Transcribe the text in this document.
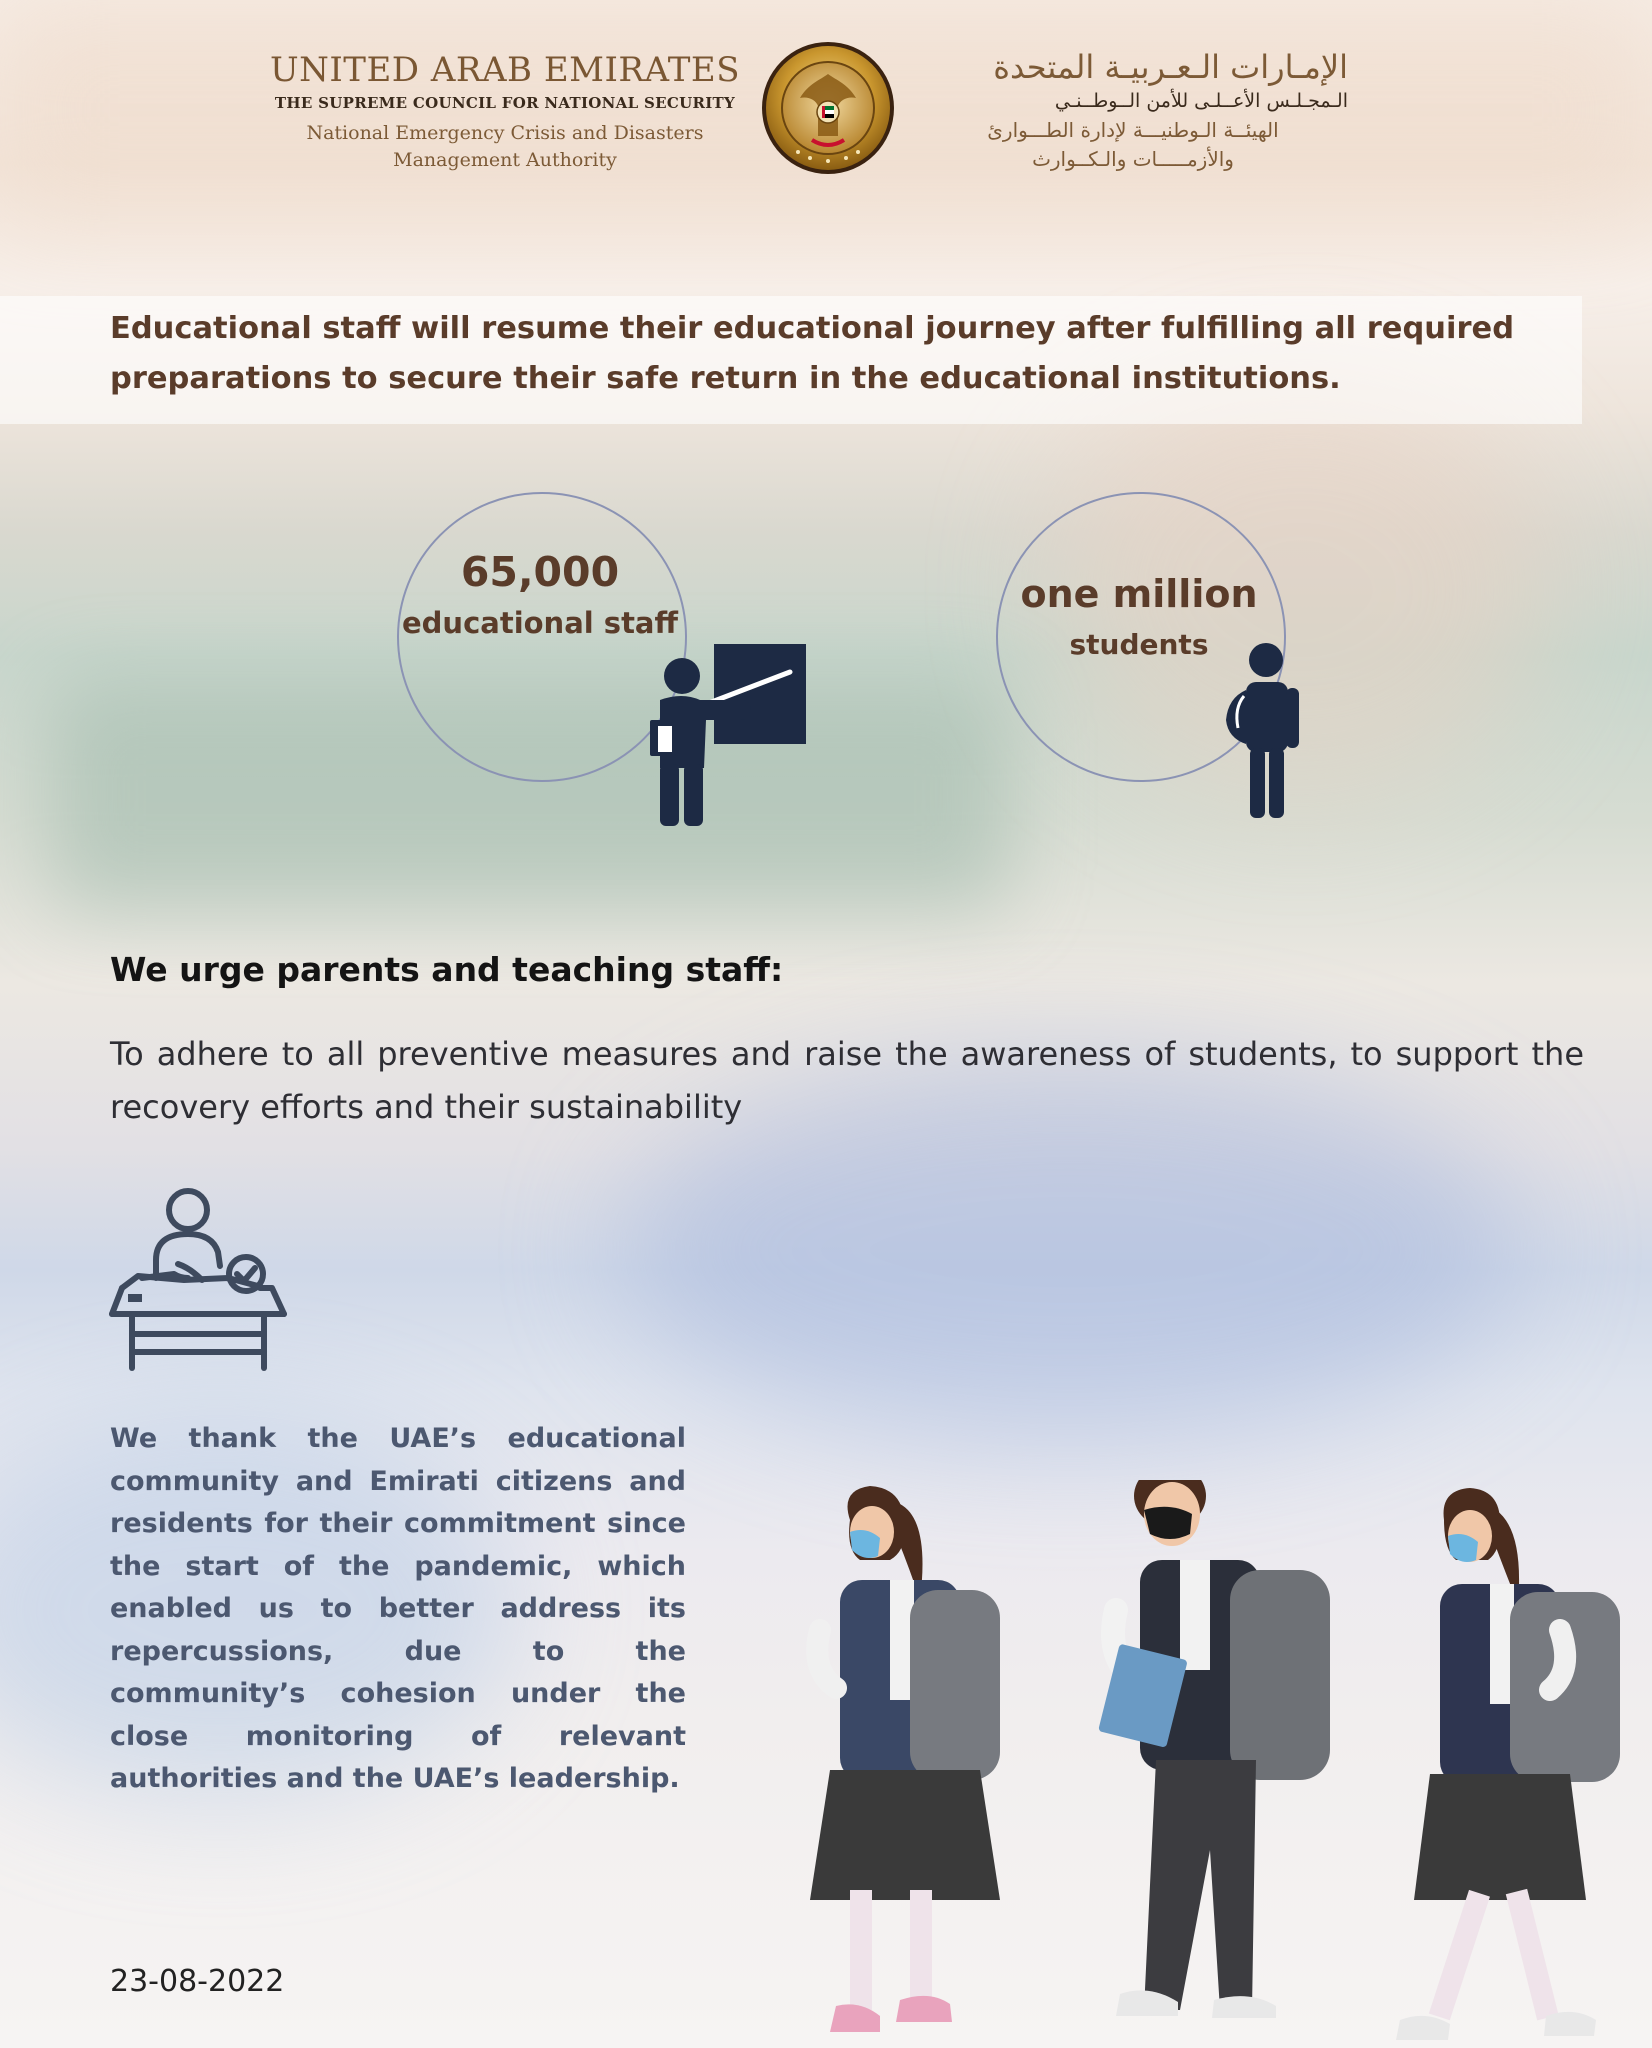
UNITED ARAB EMIRATES
THE SUPREME COUNCIL FOR NATIONAL SECURITY
National Emergency Crisis and Disasters
Management Authority
الإمـارات الـعـربيـة المتحدة
الـمجـلـس الأعــلـى للأمن الــوطــنـي
الهيئــة الـوطنيـــة لإدارة الطـــوارئ
والأزمـــــات والـكــوارث

Educational staff will resume their educational journey after fulfilling all required preparations to secure their safe return in the educational institutions.

65,000
educational staff
one million
students
We urge parents and teaching staff:
To adhere to all preventive measures and raise the awareness of students, to support the recovery efforts and their sustainability
We thank the UAE’s educational community and Emirati citizens and residents for their commitment since the start of the pandemic, which enabled us to better address its repercussions, due to the community’s cohesion under the close monitoring of relevant authorities and the UAE’s leadership.
23-08-2022
